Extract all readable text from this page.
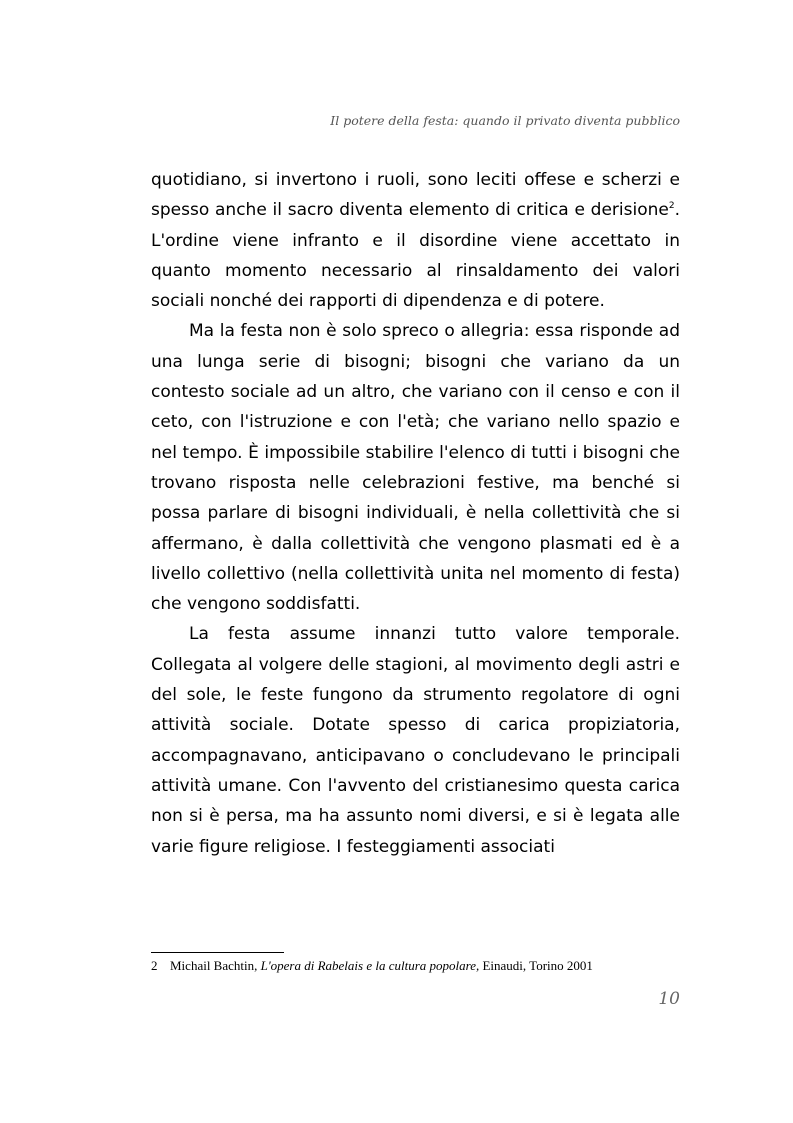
Il potere della festa: quando il privato diventa pubblico

quotidiano, si invertono i ruoli, sono leciti offese e scherzi e spesso anche il sacro diventa elemento di critica e derisione$^2$. L'ordine viene infranto e il disordine viene accettato in quanto momento necessario al rinsaldamento dei valori sociali nonché dei rapporti di dipendenza e di potere.

Ma la festa non è solo spreco o allegria: essa risponde ad una lunga serie di bisogni; bisogni che variano da un contesto sociale ad un altro, che variano con il censo e con il ceto, con l'istruzione e con l'età; che variano nello spazio e nel tempo. È impossibile stabilire l'elenco di tutti i bisogni che trovano risposta nelle celebrazioni festive, ma benché si possa parlare di bisogni individuali, è nella collettività che si affermano, è dalla collettività che vengono plasmati ed è a livello collettivo (nella collettività unita nel momento di festa) che vengono soddisfatti.

La festa assume innanzi tutto valore temporale. Collegata al volgere delle stagioni, al movimento degli astri e del sole, le feste fungono da strumento regolatore di ogni attività sociale. Dotate spesso di carica propiziatoria, accompagnavano, anticipavano o concludevano le principali attività umane. Con l'avvento del cristianesimo questa carica non si è persa, ma ha assunto nomi diversi, e si è legata alle varie figure religiose. I festeggiamenti associati

2 Michail Bachtin, L'opera di Rabelais e la cultura popolare, Einaudi, Torino 2001

10
